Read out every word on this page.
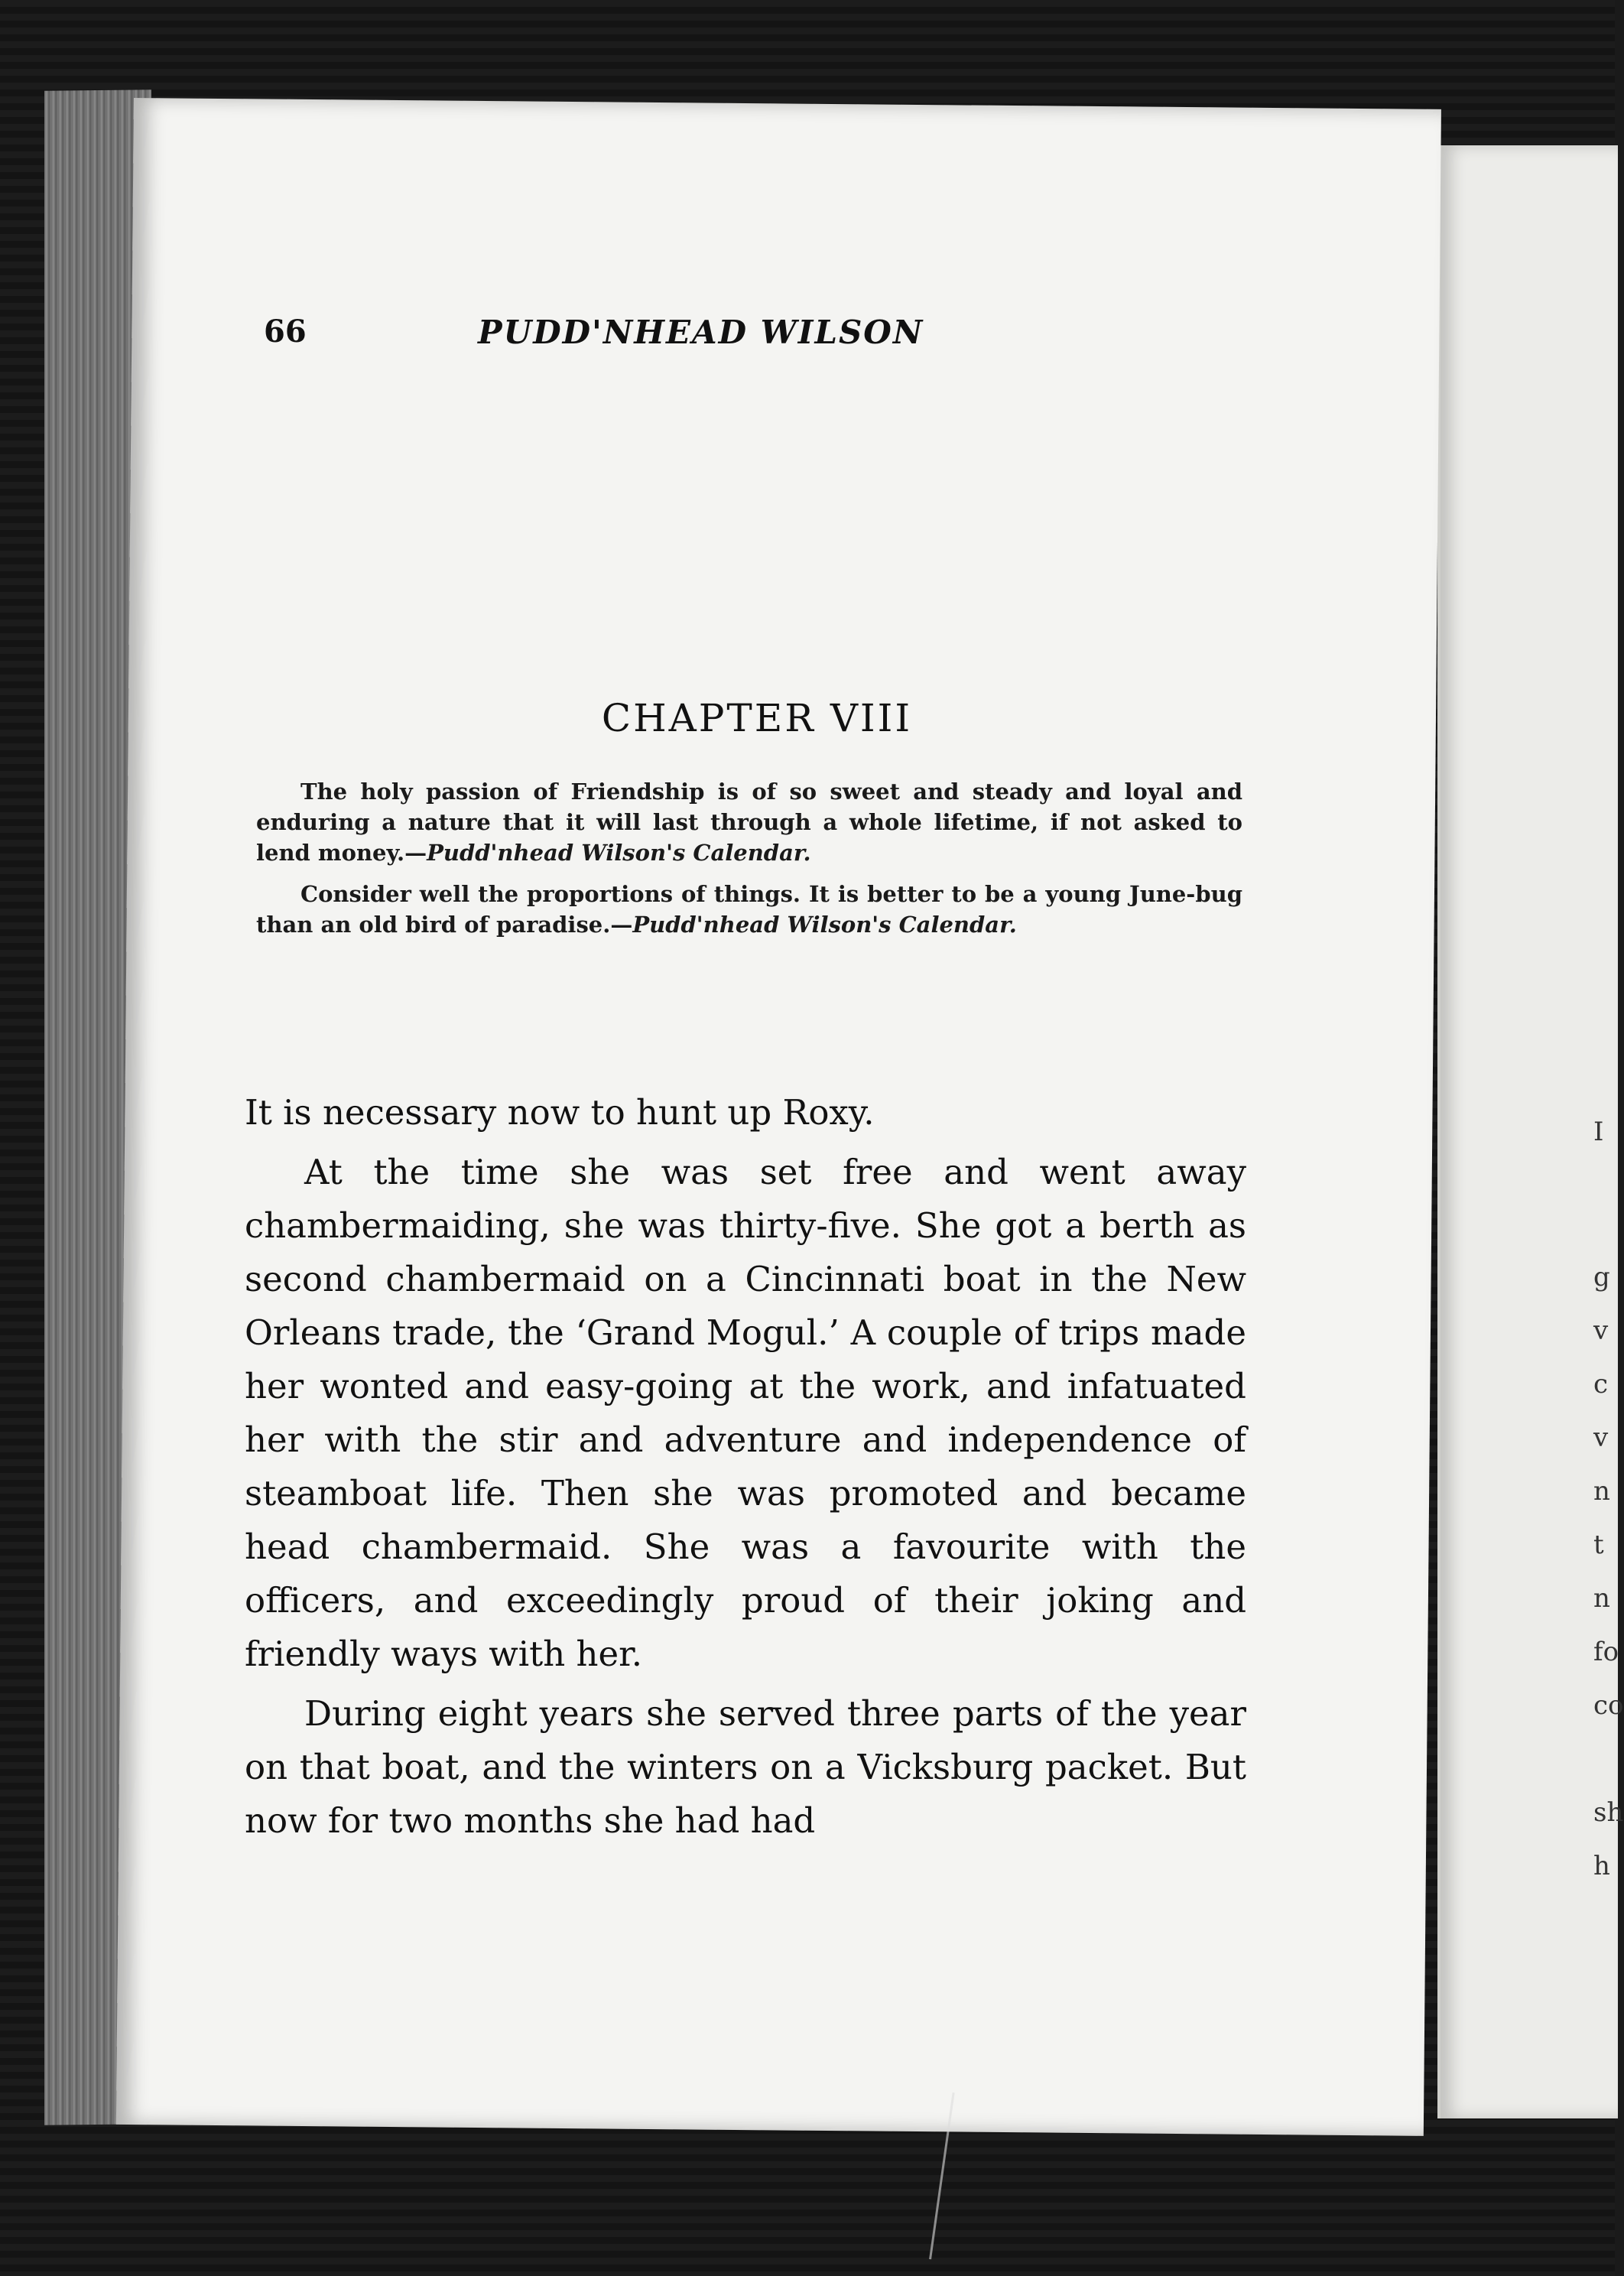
I
g
v
c
v
n
t
n
fo
co
sh
h
66	PUDD'NHEAD WILSON
CHAPTER VIII

The holy passion of Friendship is of so sweet and steady and loyal and enduring a nature that it will last through a whole lifetime, if not asked to lend money.—Pudd'nhead Wilson's Calendar.

Consider well the proportions of things. It is better to be a young June-bug than an old bird of paradise.—Pudd'nhead Wilson's Calendar.

It is necessary now to hunt up Roxy.

At the time she was set free and went away chambermaiding, she was thirty-five. She got a berth as second chambermaid on a Cincinnati boat in the New Orleans trade, the ‘Grand Mogul.’ A couple of trips made her wonted and easy-going at the work, and infatuated her with the stir and adventure and independence of steamboat life. Then she was promoted and became head chambermaid. She was a favourite with the officers, and exceedingly proud of their joking and friendly ways with her.

During eight years she served three parts of the year on that boat, and the winters on a Vicksburg packet. But now for two months she had had
